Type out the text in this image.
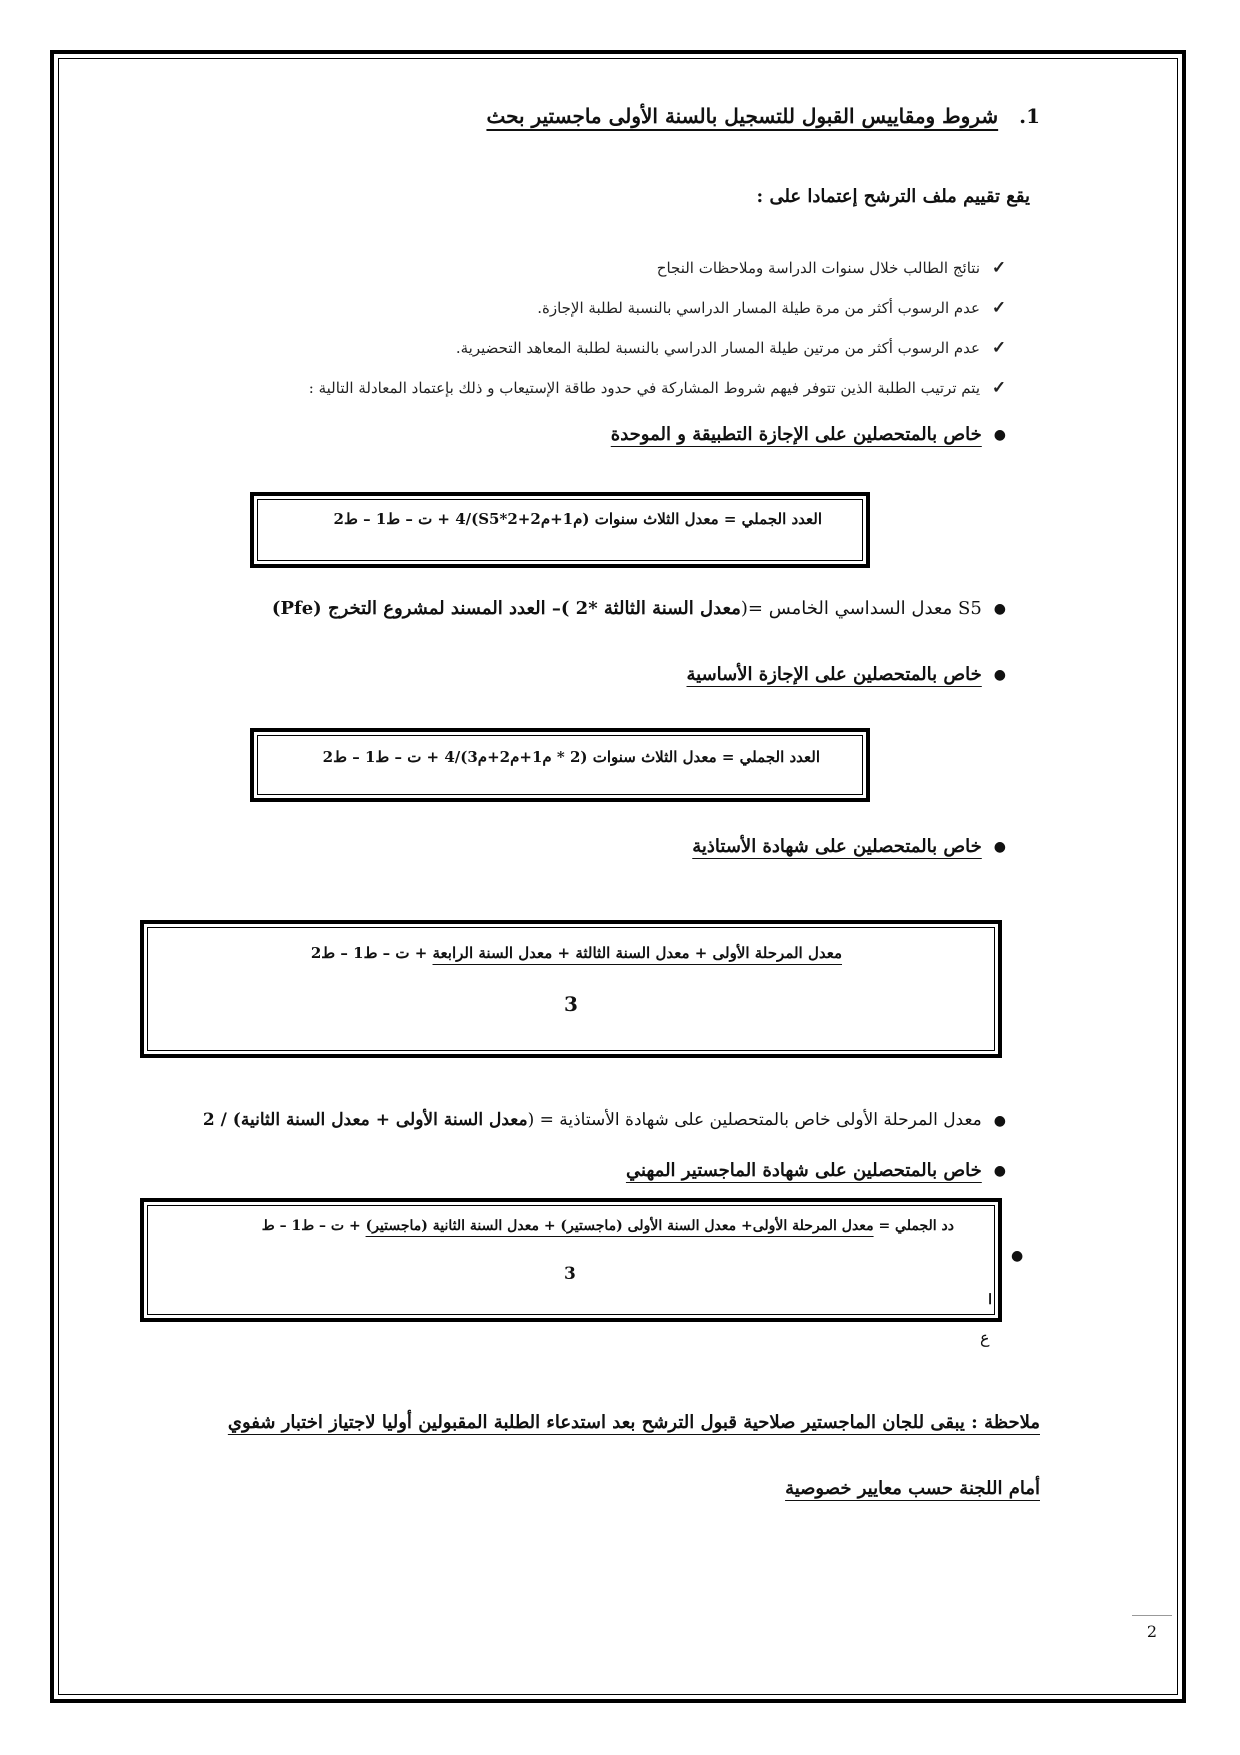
1. شروط ومقاييس القبول للتسجيل بالسنة الأولى ماجستير بحث
يقع تقييم ملف الترشح إعتمادا على :
✓نتائج الطالب خلال سنوات الدراسة وملاحظات النجاح
✓عدم الرسوب أكثر من مرة طيلة المسار الدراسي بالنسبة لطلبة الإجازة.
✓عدم الرسوب أكثر من مرتين طيلة المسار الدراسي بالنسبة لطلبة المعاهد التحضيرية.
✓يتم ترتيب الطلبة الذين تتوفر فيهم شروط المشاركة في حدود طاقة الإستيعاب و ذلك بإعتماد المعادلة التالية :
●خاص بالمتحصلين على الإجازة التطبيقة و الموحدة
العدد الجملي = معدل الثلاث سنوات (م1+م2+2*S5)/4 + ت – ط1 – ط2
●S5 معدل السداسي الخامس =(معدل السنة الثالثة *2 )– العدد المسند لمشروع التخرج (Pfe)
●خاص بالمتحصلين على الإجازة الأساسية
العدد الجملي = معدل الثلاث سنوات (2 * م1+م2+م3)/4 + ت – ط1 – ط2
●خاص بالمتحصلين على شهادة الأستاذية
معدل المرحلة الأولى + معدل السنة الثالثة + معدل السنة الرابعة + ت – ط1 – ط2
3
●معدل المرحلة الأولى خاص بالمتحصلين على شهادة الأستاذية = (معدل السنة الأولى + معدل السنة الثانية) / 2
●خاص بالمتحصلين على شهادة الماجستير المهني
دد الجملي = معدل المرحلة الأولى+ معدل السنة الأولى (ماجستير) + معدل السنة الثانية (ماجستير) + ت – ط1 – ط
3
ا
●
ع
ملاحظة : يبقى للجان الماجستير صلاحية قبول الترشح بعد استدعاء الطلبة المقبولين أوليا لاجتياز اختبار شفوي
أمام اللجنة حسب معايير خصوصية
2
